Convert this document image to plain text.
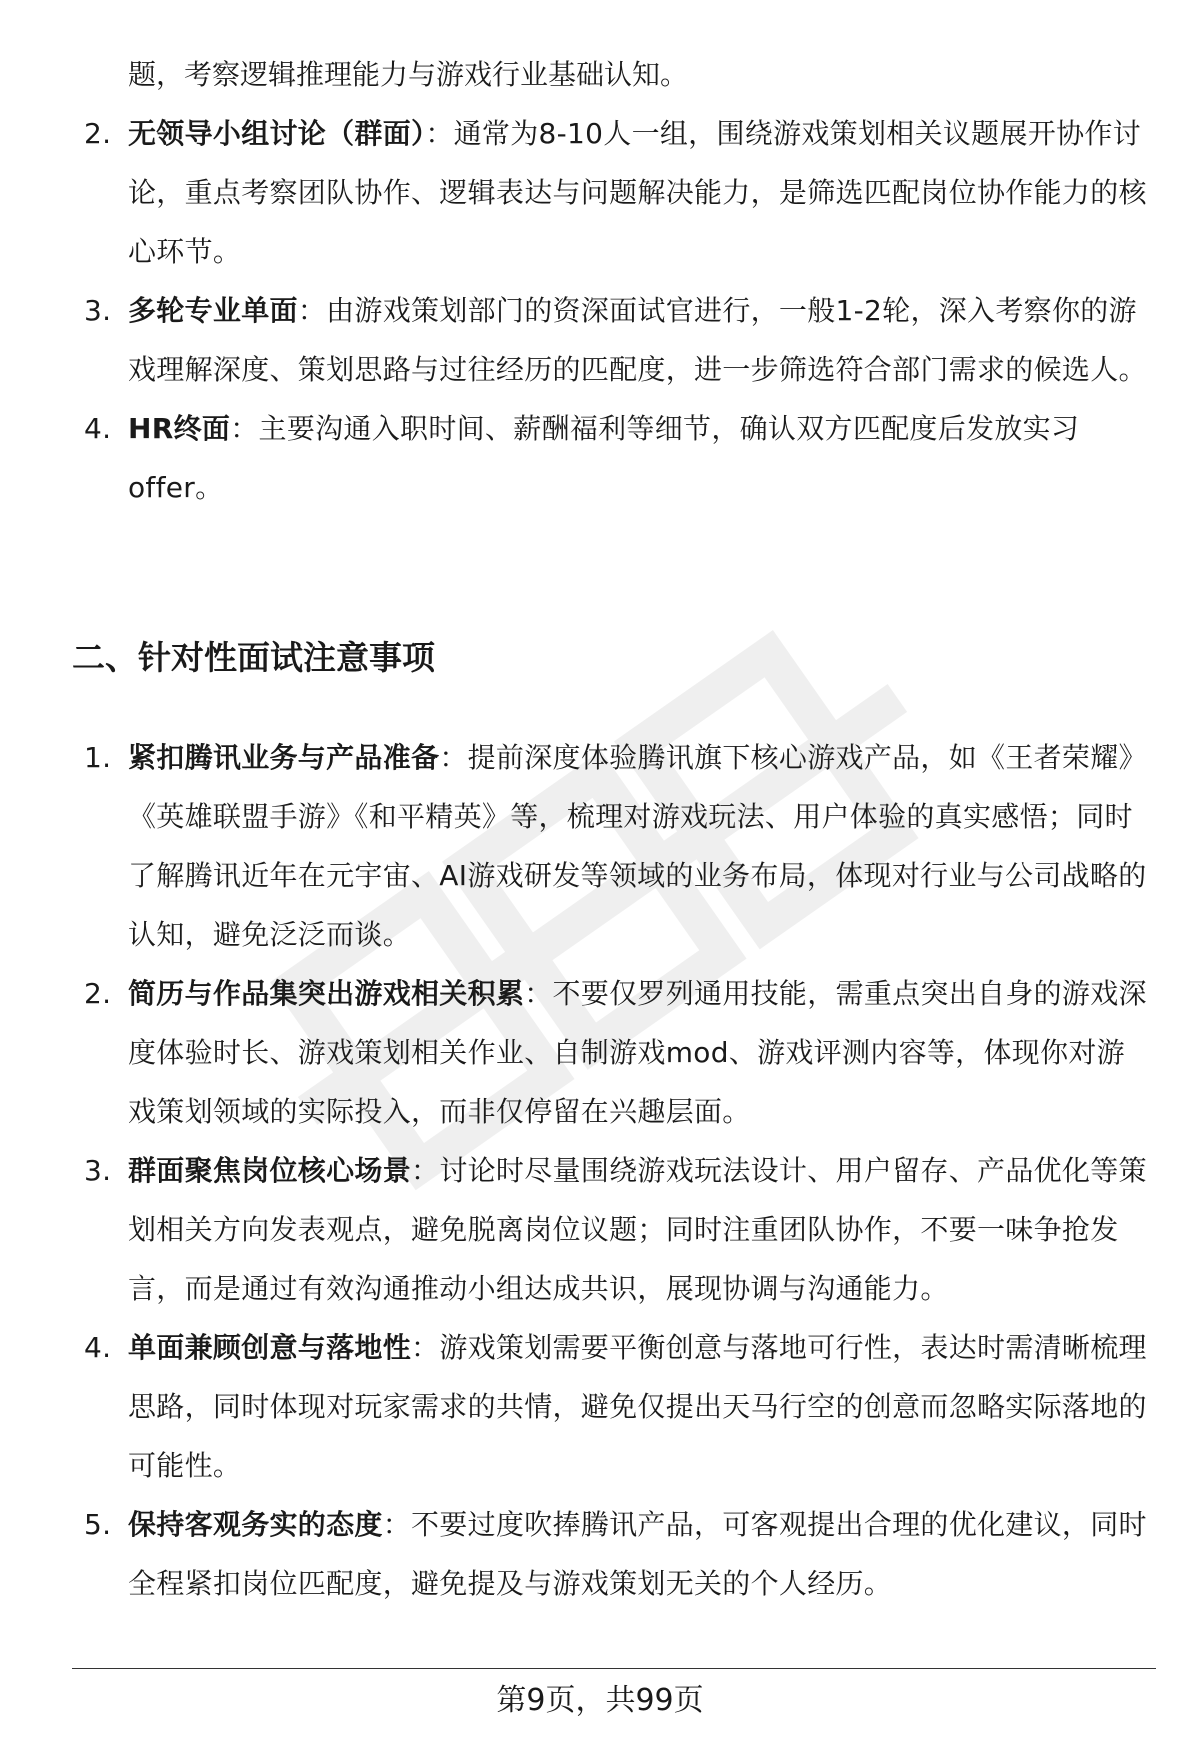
题，考察逻辑推理能力与游戏行业基础认知。
2. 无领导小组讨论（群面）：通常为8-10人一组，围绕游戏策划相关议题展开协作讨论，重点考察团队协作、逻辑表达与问题解决能力，是筛选匹配岗位协作能力的核心环节。
3. 多轮专业单面：由游戏策划部门的资深面试官进行，一般1-2轮，深入考察你的游戏理解深度、策划思路与过往经历的匹配度，进一步筛选符合部门需求的候选人。
4. HR终面：主要沟通入职时间、薪酬福利等细节，确认双方匹配度后发放实习offer。
二、针对性面试注意事项
1. 紧扣腾讯业务与产品准备：提前深度体验腾讯旗下核心游戏产品，如《王者荣耀》《英雄联盟手游》《和平精英》等，梳理对游戏玩法、用户体验的真实感悟；同时了解腾讯近年在元宇宙、AI游戏研发等领域的业务布局，体现对行业与公司战略的认知，避免泛泛而谈。
2. 简历与作品集突出游戏相关积累：不要仅罗列通用技能，需重点突出自身的游戏深度体验时长、游戏策划相关作业、自制游戏mod、游戏评测内容等，体现你对游戏策划领域的实际投入，而非仅停留在兴趣层面。
3. 群面聚焦岗位核心场景：讨论时尽量围绕游戏玩法设计、用户留存、产品优化等策划相关方向发表观点，避免脱离岗位议题；同时注重团队协作，不要一味争抢发言，而是通过有效沟通推动小组达成共识，展现协调与沟通能力。
4. 单面兼顾创意与落地性：游戏策划需要平衡创意与落地可行性，表达时需清晰梳理思路，同时体现对玩家需求的共情，避免仅提出天马行空的创意而忽略实际落地的可能性。
5. 保持客观务实的态度：不要过度吹捧腾讯产品，可客观提出合理的优化建议，同时全程紧扣岗位匹配度，避免提及与游戏策划无关的个人经历。
第9页，共99页
